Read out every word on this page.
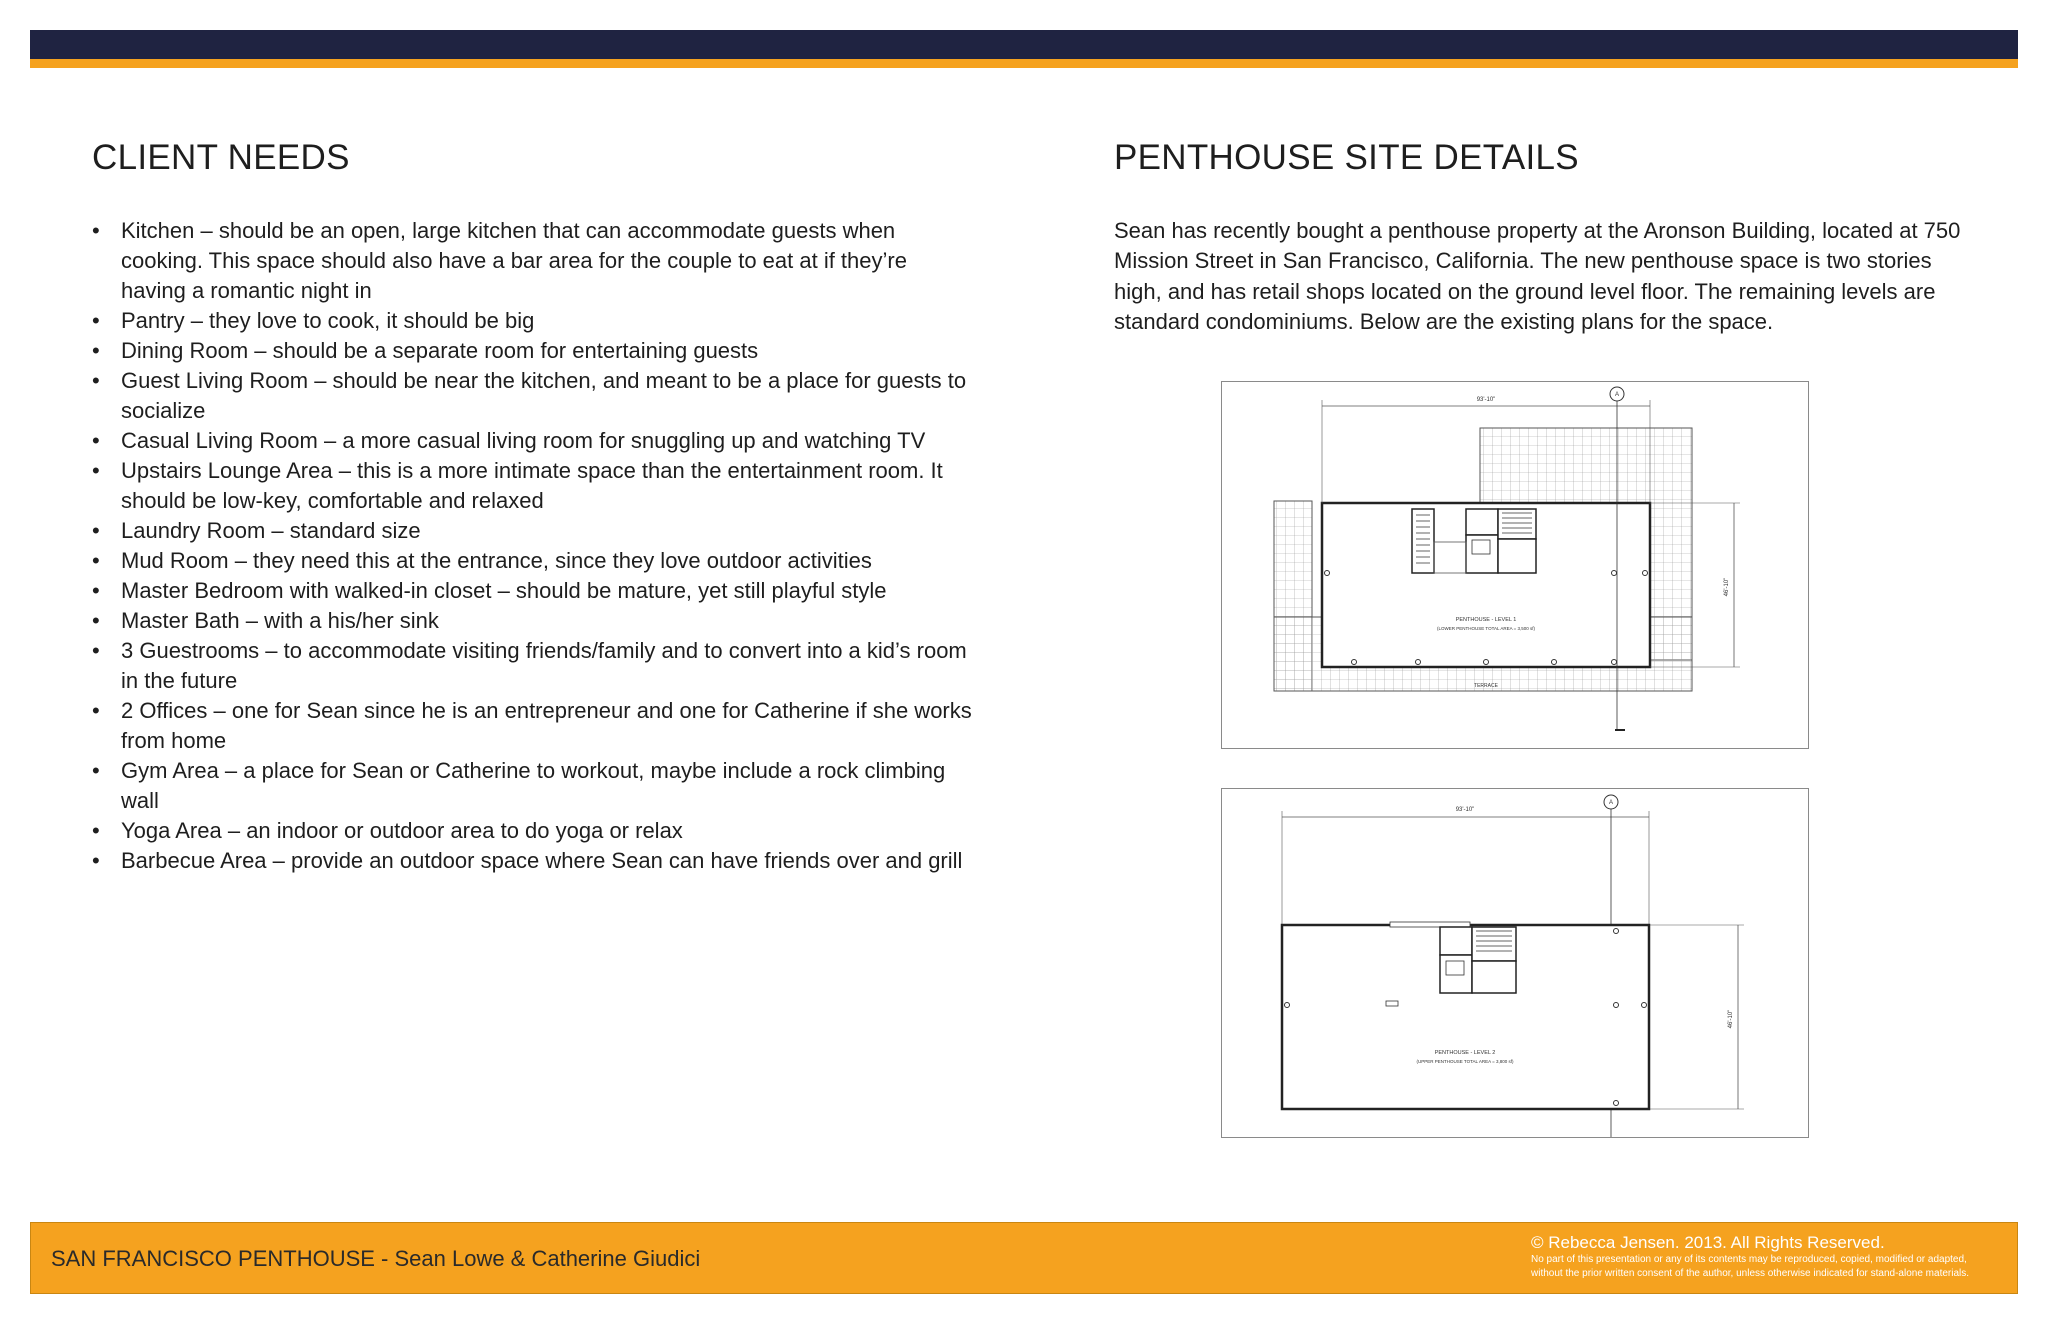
CLIENT NEEDS
• Kitchen – should be an open, large kitchen that can accommodate guests when cooking. This space should also have a bar area for the couple to eat at if they’re having a romantic night in
• Pantry – they love to cook, it should be big
• Dining Room – should be a separate room for entertaining guests
• Guest Living Room – should be near the kitchen, and meant to be a place for guests to socialize
• Casual Living Room – a more casual living room for snuggling up and watching TV
• Upstairs Lounge Area – this is a more intimate space than the entertainment room. It should be low-key, comfortable and relaxed
• Laundry Room – standard size
• Mud Room – they need this at the entrance, since they love outdoor activities
• Master Bedroom with walked-in closet – should be mature, yet still playful style
• Master Bath – with a his/her sink
• 3 Guestrooms – to accommodate visiting friends/family and to convert into a kid’s room in the future
• 2 Offices – one for Sean since he is an entrepreneur and one for Catherine if she works from home
• Gym Area – a place for Sean or Catherine to workout, maybe include a rock climbing wall
• Yoga Area – an indoor or outdoor area to do yoga or relax
• Barbecue Area – provide an outdoor space where Sean can have friends over and grill
PENTHOUSE SITE DETAILS

Sean has recently bought a penthouse property at the Aronson Building, located at 750 Mission Street in San Francisco, California. The new penthouse space is two stories high, and has retail shops located on the ground level floor. The remaining levels are standard condominiums. Below are the existing plans for the space.

93'-10"
46'-10"
A
PENTHOUSE - LEVEL 1
(LOWER PENTHOUSE TOTAL AREA = 3,500 sf)
TERRACE
93'-10"
46'-10"
A
PENTHOUSE - LEVEL 2
(UPPER PENTHOUSE TOTAL AREA = 3,800 sf)
SAN FRANCISCO PENTHOUSE - Sean Lowe & Catherine Giudici
© Rebecca Jensen. 2013. All Rights Reserved.
No part of this presentation or any of its contents may be reproduced, copied, modified or adapted,
without the prior written consent of the author, unless otherwise indicated for stand-alone materials.
